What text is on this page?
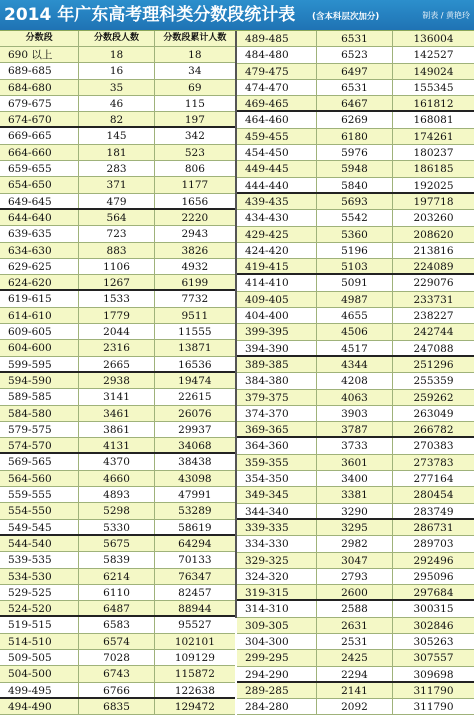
2014 年广东高考理科类分数段统计表 (含本科层次加分)	制表 / 黄艳玲
分数段	分数段人数	分数段累计人数
690 以上	18	18
689-685	16	34
684-680	35	69
679-675	46	115
674-670	82	197
669-665	145	342
664-660	181	523
659-655	283	806
654-650	371	1177
649-645	479	1656
644-640	564	2220
639-635	723	2943
634-630	883	3826
629-625	1106	4932
624-620	1267	6199
619-615	1533	7732
614-610	1779	9511
609-605	2044	11555
604-600	2316	13871
599-595	2665	16536
594-590	2938	19474
589-585	3141	22615
584-580	3461	26076
579-575	3861	29937
574-570	4131	34068
569-565	4370	38438
564-560	4660	43098
559-555	4893	47991
554-550	5298	53289
549-545	5330	58619
544-540	5675	64294
539-535	5839	70133
534-530	6214	76347
529-525	6110	82457
524-520	6487	88944
519-515	6583	95527
514-510	6574	102101
509-505	7028	109129
504-500	6743	115872
499-495	6766	122638
494-490	6835	129472
489-485	6531	136004
484-480	6523	142527
479-475	6497	149024
474-470	6531	155345
469-465	6467	161812
464-460	6269	168081
459-455	6180	174261
454-450	5976	180237
449-445	5948	186185
444-440	5840	192025
439-435	5693	197718
434-430	5542	203260
429-425	5360	208620
424-420	5196	213816
419-415	5103	224089
414-410	5091	229076
409-405	4987	233731
404-400	4655	238227
399-395	4506	242744
394-390	4517	247088
389-385	4344	251296
384-380	4208	255359
379-375	4063	259262
374-370	3903	263049
369-365	3787	266782
364-360	3733	270383
359-355	3601	273783
354-350	3400	277164
349-345	3381	280454
344-340	3290	283749
339-335	3295	286731
334-330	2982	289703
329-325	3047	292496
324-320	2793	295096
319-315	2600	297684
314-310	2588	300315
309-305	2631	302846
304-300	2531	305263
299-295	2425	307557
294-290	2294	309698
289-285	2141	311790
284-280	2092	311790
